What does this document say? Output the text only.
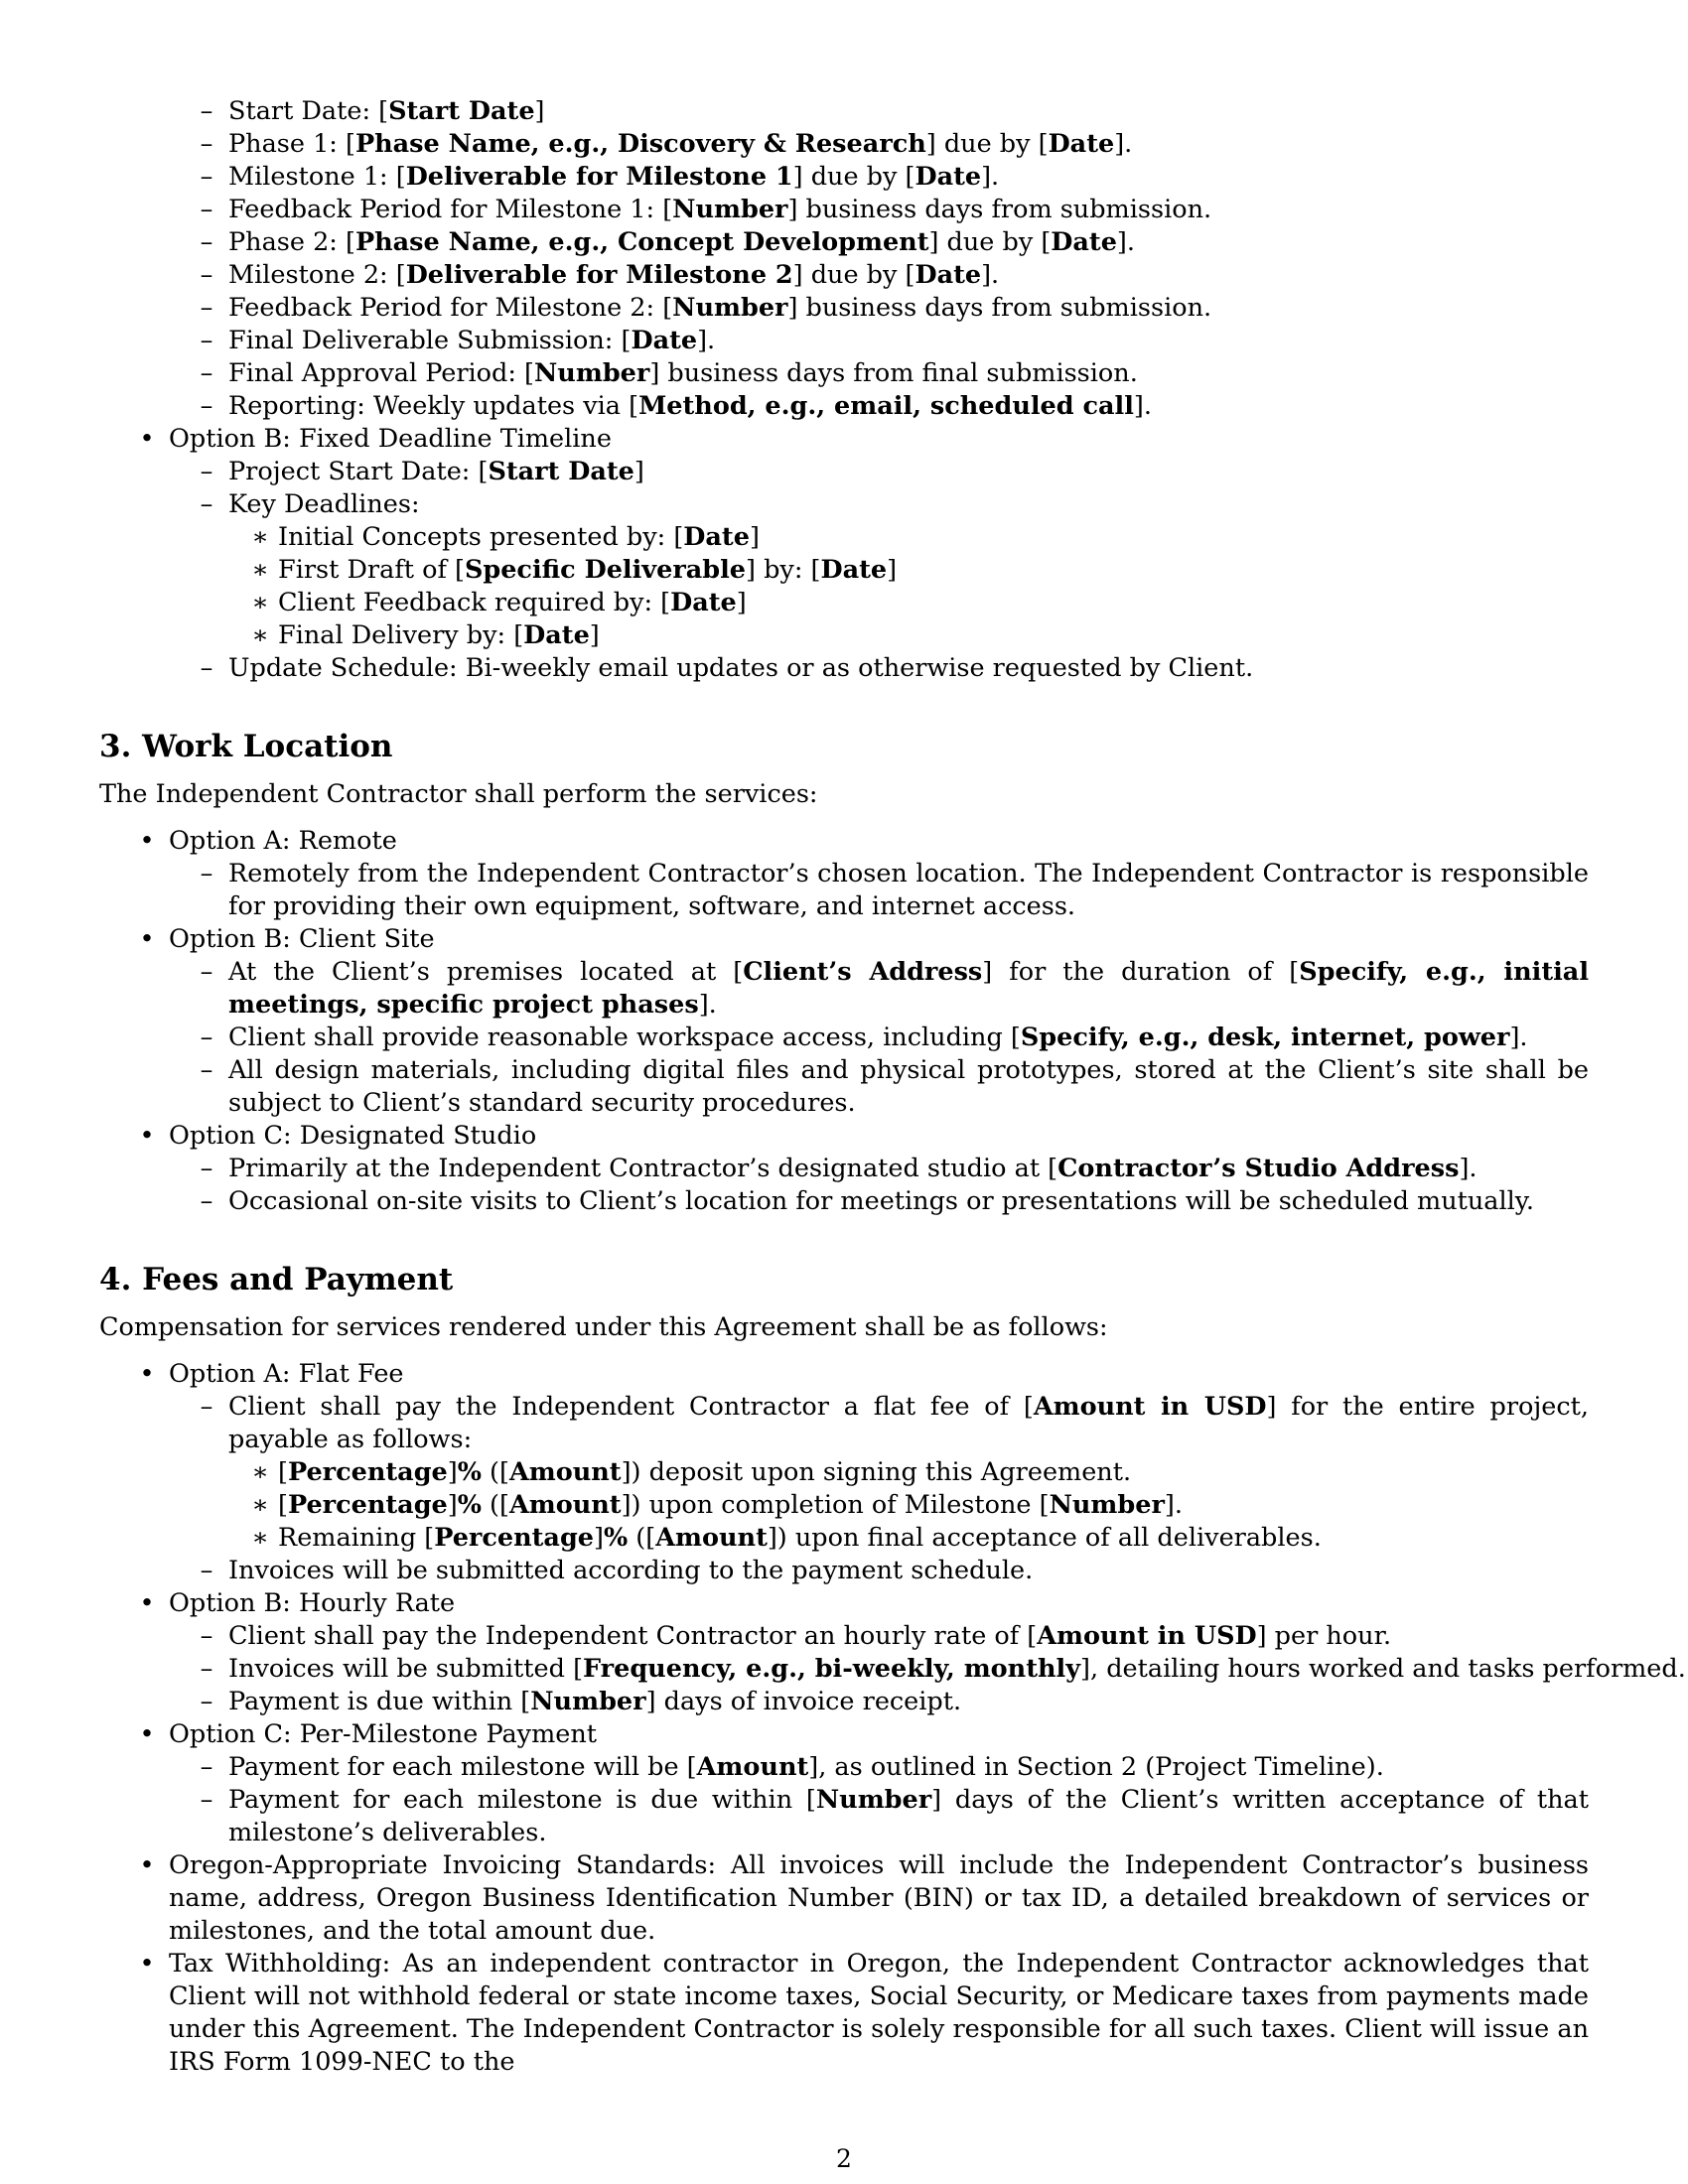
– Start Date: [Start Date]
– Phase 1: [Phase Name, e.g., Discovery & Research] due by [Date].
– Milestone 1: [Deliverable for Milestone 1] due by [Date].
– Feedback Period for Milestone 1: [Number] business days from submission.
– Phase 2: [Phase Name, e.g., Concept Development] due by [Date].
– Milestone 2: [Deliverable for Milestone 2] due by [Date].
– Feedback Period for Milestone 2: [Number] business days from submission.
– Final Deliverable Submission: [Date].
– Final Approval Period: [Number] business days from final submission.
– Reporting: Weekly updates via [Method, e.g., email, scheduled call].
• Option B: Fixed Deadline Timeline
– Project Start Date: [Start Date]
– Key Deadlines:
∗ Initial Concepts presented by: [Date]
∗ First Draft of [Specific Deliverable] by: [Date]
∗ Client Feedback required by: [Date]
∗ Final Delivery by: [Date]
– Update Schedule: Bi-weekly email updates or as otherwise requested by Client.
3. Work Location
The Independent Contractor shall perform the services:
• Option A: Remote
– Remotely from the Independent Contractor’s chosen location. The Independent Contractor is responsible for providing their own equipment, software, and internet access.
• Option B: Client Site
– At the Client’s premises located at [Client’s Address] for the duration of [Specify, e.g., initial meetings, specific project phases].
– Client shall provide reasonable workspace access, including [Specify, e.g., desk, internet, power].
– All design materials, including digital files and physical prototypes, stored at the Client’s site shall be subject to Client’s standard security procedures.
• Option C: Designated Studio
– Primarily at the Independent Contractor’s designated studio at [Contractor’s Studio Address].
– Occasional on-site visits to Client’s location for meetings or presentations will be scheduled mutually.
4. Fees and Payment
Compensation for services rendered under this Agreement shall be as follows:
• Option A: Flat Fee
– Client shall pay the Independent Contractor a flat fee of [Amount in USD] for the entire project, payable as follows:
∗ [Percentage]% ([Amount]) deposit upon signing this Agreement.
∗ [Percentage]% ([Amount]) upon completion of Milestone [Number].
∗ Remaining [Percentage]% ([Amount]) upon final acceptance of all deliverables.
– Invoices will be submitted according to the payment schedule.
• Option B: Hourly Rate
– Client shall pay the Independent Contractor an hourly rate of [Amount in USD] per hour.
– Invoices will be submitted [Frequency, e.g., bi-weekly, monthly], detailing hours worked and tasks performed.
– Payment is due within [Number] days of invoice receipt.
• Option C: Per-Milestone Payment
– Payment for each milestone will be [Amount], as outlined in Section 2 (Project Timeline).
– Payment for each milestone is due within [Number] days of the Client’s written acceptance of that milestone’s deliverables.
• Oregon-Appropriate Invoicing Standards: All invoices will include the Independent Contractor’s business name, address, Oregon Business Identification Number (BIN) or tax ID, a detailed breakdown of services or milestones, and the total amount due.
• Tax Withholding: As an independent contractor in Oregon, the Independent Contractor acknowledges that Client will not withhold federal or state income taxes, Social Security, or Medicare taxes from payments made under this Agreement. The Independent Contractor is solely responsible for all such taxes. Client will issue an IRS Form 1099-NEC to the
2
